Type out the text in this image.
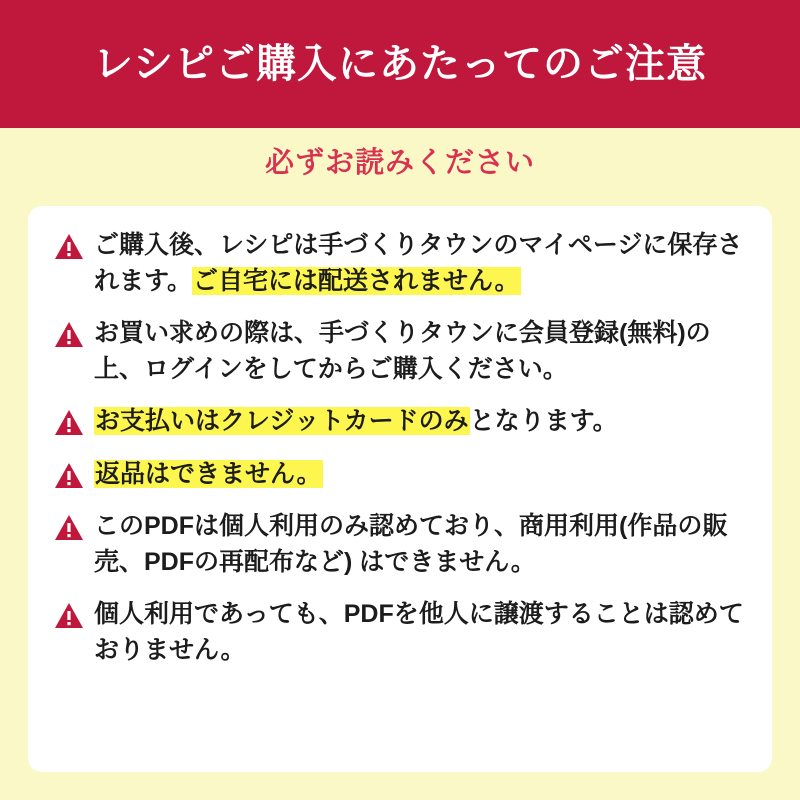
レシピご購入にあたってのご注意
必ずお読みください
ご購入後、レシピは手づくりタウンのマイページに保存されます。ご自宅には配送されません。
お買い求めの際は、手づくりタウンに会員登録(無料)の上、ログインをしてからご購入ください。
お支払いはクレジットカードのみとなります。
返品はできません。
このPDFは個人利用のみ認めており、商用利用(作品の販売、PDFの再配布など) はできません。
個人利用であっても、PDFを他人に譲渡することは認めておりません。
